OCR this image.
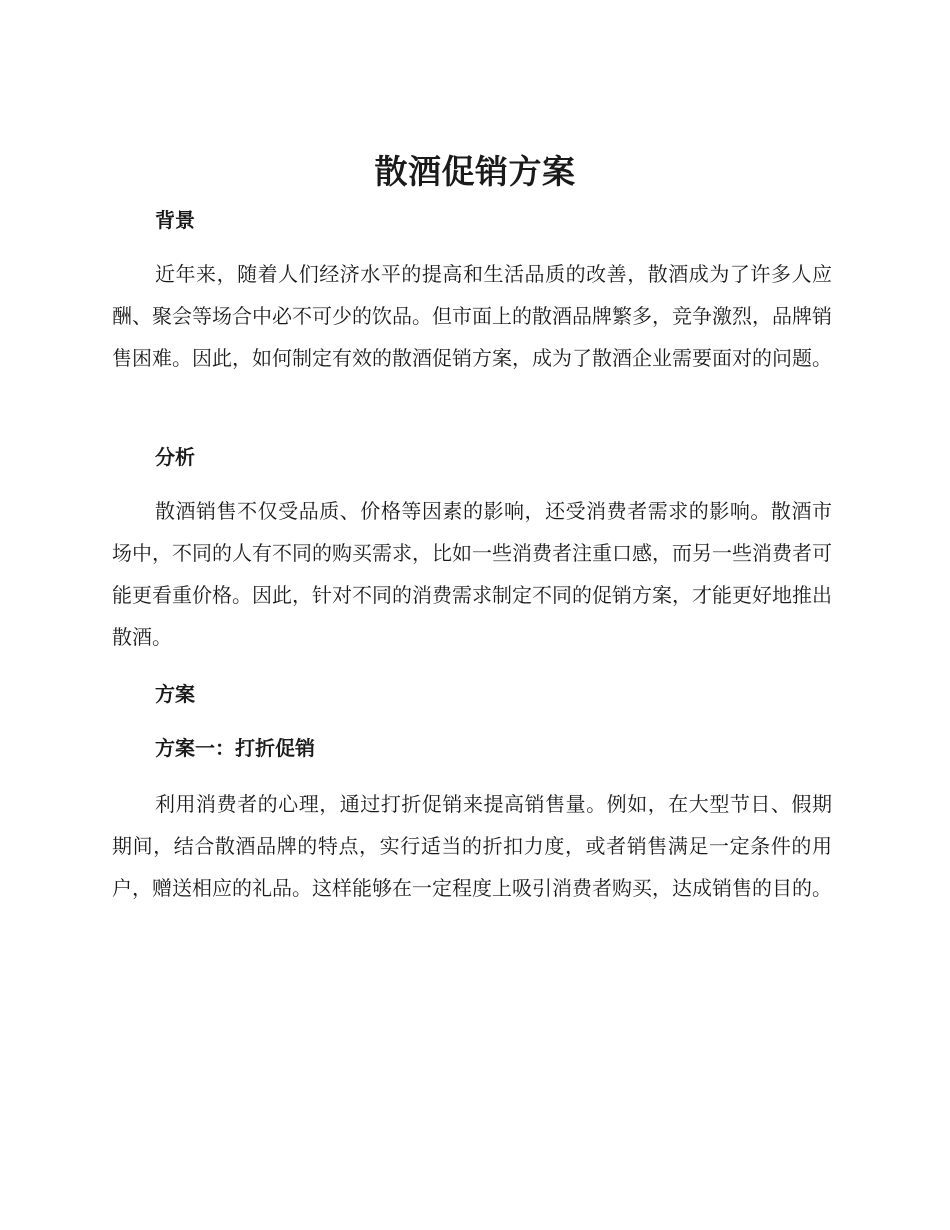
散酒促销方案
背景

近年来，随着人们经济水平的提高和生活品质的改善，散酒成为了许多人应酬、聚会等场合中必不可少的饮品。但市面上的散酒品牌繁多，竞争激烈，品牌销售困难。因此，如何制定有效的散酒促销方案，成为了散酒企业需要面对的问题。

分析

散酒销售不仅受品质、价格等因素的影响，还受消费者需求的影响。散酒市场中，不同的人有不同的购买需求，比如一些消费者注重口感，而另一些消费者可能更看重价格。因此，针对不同的消费需求制定不同的促销方案，才能更好地推出散酒。

方案
方案一：打折促销

利用消费者的心理，通过打折促销来提高销售量。例如，在大型节日、假期期间，结合散酒品牌的特点，实行适当的折扣力度，或者销售满足一定条件的用户，赠送相应的礼品。这样能够在一定程度上吸引消费者购买，达成销售的目的。
